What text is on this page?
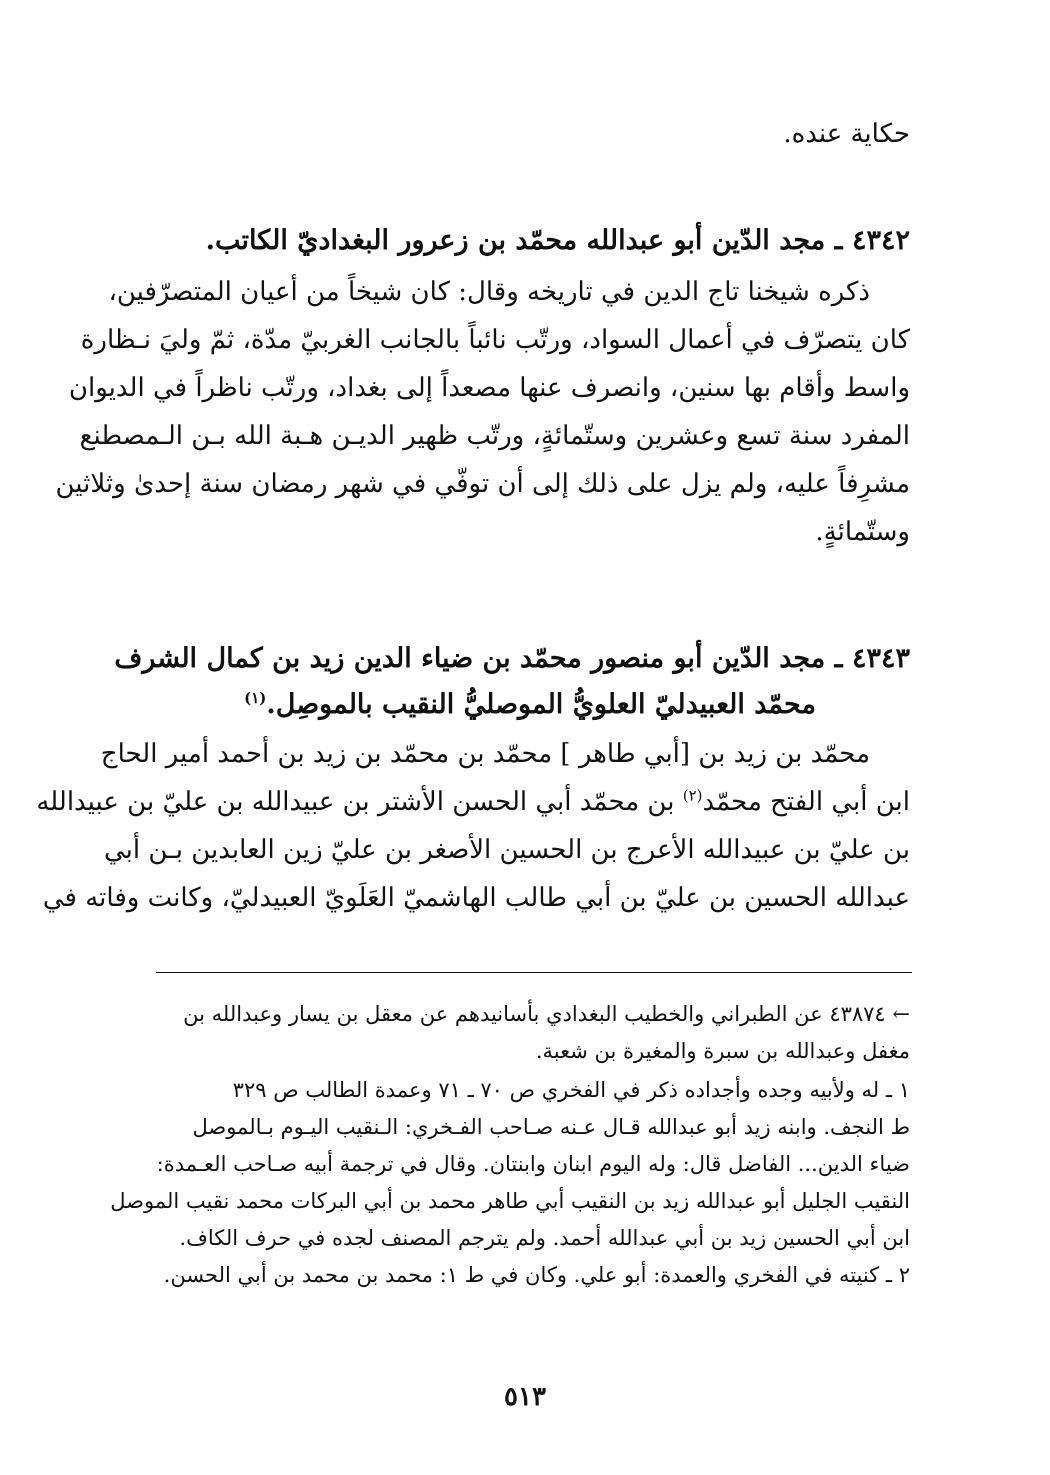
حكاية عنده.
٤٣٤٢ ـ مجد الدّين أبو عبدالله محمّد بن زعرور البغداديّ الكاتب.
ذكره شيخنا تاج الدين في تاريخه وقال: كان شيخاً من أعيان المتصرّفين،
كان يتصرّف في أعمال السواد، ورتّب نائباً بالجانب الغربيّ مدّة، ثمّ وليَ نـظارة
واسط وأقام بها سنين، وانصرف عنها مصعداً إلى بغداد، ورتّب ناظراً في الديوان
المفرد سنة تسع وعشرين وستّمائةٍ، ورتّب ظهير الديـن هـبة الله بـن الـمصطنع
مشرِفاً عليه، ولم يزل على ذلك إلى أن توفّي في شهر رمضان سنة إحدىٰ وثلاثين
وستّمائةٍ.
٤٣٤٣ ـ مجد الدّين أبو منصور محمّد بن ضياء الدين زيد بن كمال الشرف
محمّد العبيدليّ العلويُّ الموصليُّ النقيب بالموصِل.$^{(١)}$
محمّد بن زيد بن [أبي طاهر ] محمّد بن محمّد بن زيد بن أحمد أمير الحاج
ابن أبي الفتح محمّد$^{(٢)}$ بن محمّد أبي الحسن الأشتر بن عبيدالله بن عليّ بن عبيدالله
بن عليّ بن عبيدالله الأعرج بن الحسين الأصغر بن عليّ زين العابدين بـن أبي
عبدالله الحسين بن عليّ بن أبي طالب الهاشميّ العَلَويّ العبيدليّ، وكانت وفاته في
← ٤٣٨٧٤ عن الطبراني والخطيب البغدادي بأسانيدهم عن معقل بن يسار وعبدالله بن
مغفل وعبدالله بن سبرة والمغيرة بن شعبة.
١ ـ له ولأبيه وجده وأجداده ذكر في الفخري ص ٧٠ ـ ٧١ وعمدة الطالب ص ٣٢٩
ط النجف. وابنه زيد أبو عبدالله قـال عـنه صـاحب الفـخري: الـنقيب اليـوم بـالموصل
ضياء الدين... الفاضل قال: وله اليوم ابنان وابنتان. وقال في ترجمة أبيه صـاحب العـمدة:
النقيب الجليل أبو عبدالله زيد بن النقيب أبي طاهر محمد بن أبي البركات محمد نقيب الموصل
ابن أبي الحسين زيد بن أبي عبدالله أحمد. ولم يترجم المصنف لجده في حرف الكاف.
٢ ـ كنيته في الفخري والعمدة: أبو علي. وكان في ط ١: محمد بن محمد بن أبي الحسن.
٥١٣
